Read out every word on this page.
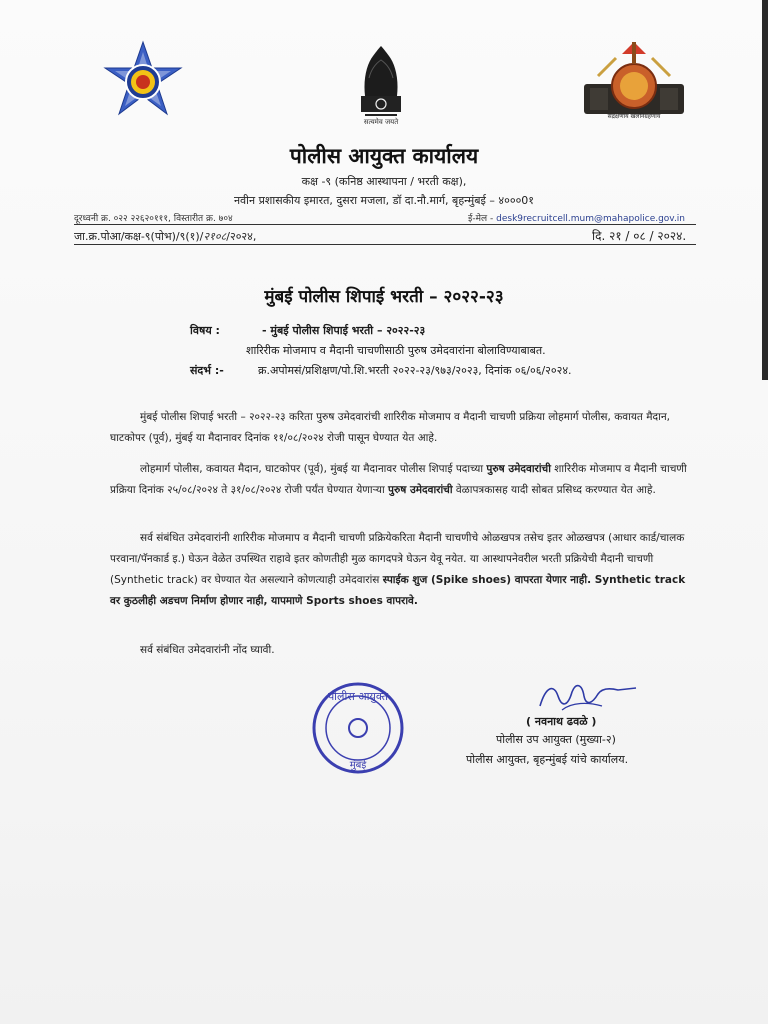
सत्यमेव जयते
सद्रक्षणाय खलनिग्रहणाय
पोलीस आयुक्त कार्यालय
कक्ष -९ (कनिष्ठ आस्थापना / भरती कक्ष),
नवीन प्रशासकीय इमारत, दुसरा मजला, डॉ दा.नौ.मार्ग, बृहन्मुंबई – ४०००0१
दूरध्वनी क्र. ०२२ २२६२०१११, विस्तारीत क्र. ७०४	ई-मेल - desk9recruitcell.mum@mahapolice.gov.in
जा.क्र.पोआ/कक्ष-९(पोभ)/९(१)/२१०८/२०२४,	दि. २१ / ०८ / २०२४.
मुंबई पोलीस शिपाई भरती – २०२२-२३
विषय :	- मुंबई पोलीस शिपाई भरती – २०२२-२३
शारिरीक मोजमाप व मैदानी चाचणीसाठी पुरुष उमेदवारांना बोलाविण्याबाबत.
संदर्भ :-	क्र.अपोमसं/प्रशिक्षण/पो.शि.भरती २०२२-२३/९७३/२०२३, दिनांक ०६/०६/२०२४.

मुंबई पोलीस शिपाई भरती – २०२२-२३ करिता पुरुष उमेदवारांची शारिरीक मोजमाप व मैदानी चाचणी प्रक्रिया लोहमार्ग पोलीस, कवायत मैदान, घाटकोपर (पूर्व), मुंबई या मैदानावर दिनांक ११/०८/२०२४ रोजी पासून घेण्यात येत आहे.

लोहमार्ग पोलीस, कवायत मैदान, घाटकोपर (पूर्व), मुंबई या मैदानावर पोलीस शिपाई पदाच्या पुरुष उमेदवारांची शारिरीक मोजमाप व मैदानी चाचणी प्रक्रिया दिनांक २५/०८/२०२४ ते ३१/०८/२०२४ रोजी पर्यंत घेण्यात येणाऱ्या पुरुष उमेदवारांची वेळापत्रकासह यादी सोबत प्रसिध्द करण्यात येत आहे.

सर्व संबंधित उमेदवारांनी शारिरीक मोजमाप व मैदानी चाचणी प्रक्रियेकरिता मैदानी चाचणीचे ओळखपत्र तसेच इतर ओळखपत्र (आधार कार्ड/चालक परवाना/पॅनकार्ड इ.) घेऊन वेळेत उपस्थित राहावे इतर कोणतीही मुळ कागदपत्रे घेऊन येवू नयेत. या आस्थापनेवरील भरती प्रक्रियेची मैदानी चाचणी (Synthetic track) वर घेण्यात येत असल्याने कोणत्याही उमेदवारांस स्पाईक शुज (Spike shoes) वापरता येणार नाही. Synthetic track वर कुठलीही अडचण निर्माण होणार नाही, यापमाणे Sports shoes वापरावे.

सर्व संबंधित उमेदवारांनी नोंद घ्यावी.

पोलीस आयुक्त
मुंबई
( नवनाथ ढवळे )
पोलीस उप आयुक्त (मुख्या-२)
पोलीस आयुक्त, बृहन्मुंबई यांचे कार्यालय.
